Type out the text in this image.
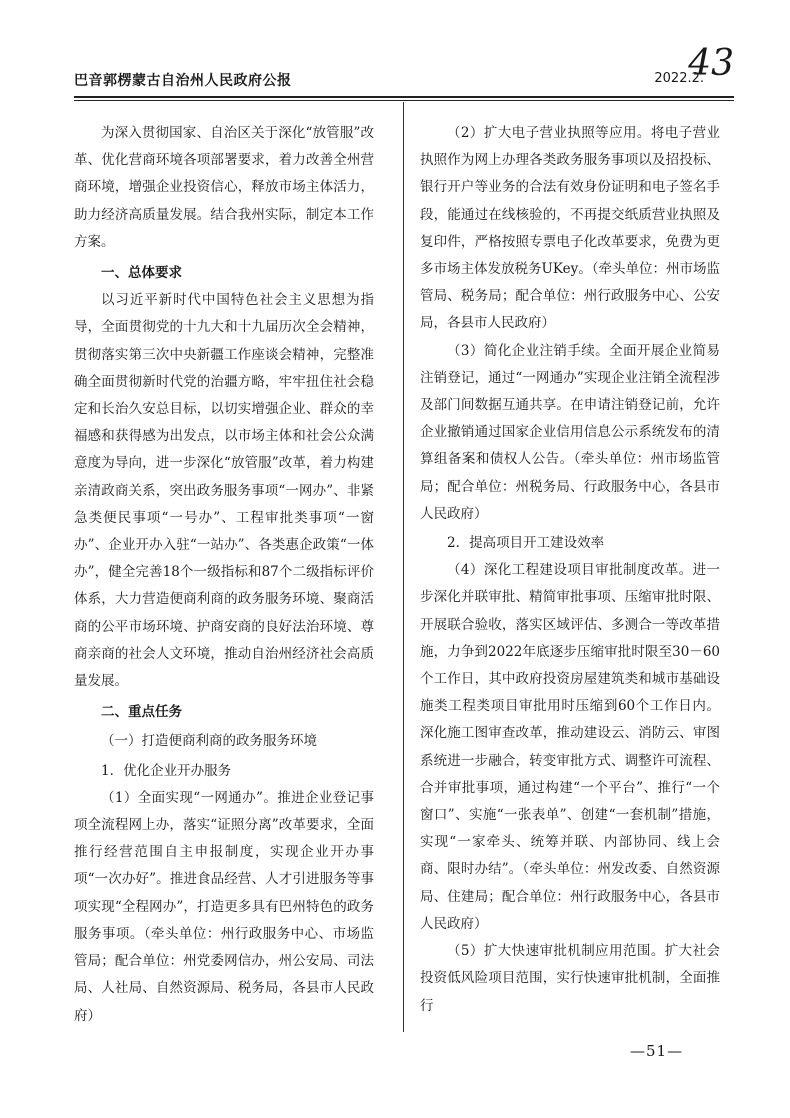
巴音郭楞蒙古自治州人民政府公报	2022.2.
43

为深入贯彻国家、自治区关于深化“放管服”改革、优化营商环境各项部署要求，着力改善全州营商环境，增强企业投资信心，释放市场主体活力，助力经济高质量发展。结合我州实际，制定本工作方案。

一、总体要求

以习近平新时代中国特色社会主义思想为指导，全面贯彻党的十九大和十九届历次全会精神，贯彻落实第三次中央新疆工作座谈会精神，完整准确全面贯彻新时代党的治疆方略，牢牢扭住社会稳定和长治久安总目标，以切实增强企业、群众的幸福感和获得感为出发点，以市场主体和社会公众满意度为导向，进一步深化“放管服”改革，着力构建亲清政商关系，突出政务服务事项“一网办”、非紧急类便民事项“一号办”、工程审批类事项“一窗办”、企业开办入驻“一站办”、各类惠企政策“一体办”，健全完善18个一级指标和87个二级指标评价体系，大力营造便商利商的政务服务环境、聚商活商的公平市场环境、护商安商的良好法治环境、尊商亲商的社会人文环境，推动自治州经济社会高质量发展。

二、重点任务

（一）打造便商利商的政务服务环境

1．优化企业开办服务

（1）全面实现“一网通办”。推进企业登记事项全流程网上办，落实“证照分离”改革要求，全面推行经营范围自主申报制度，实现企业开办事项“一次办好”。推进食品经营、人才引进服务等事项实现“全程网办”，打造更多具有巴州特色的政务服务事项。（牵头单位：州行政服务中心、市场监管局；配合单位：州党委网信办，州公安局、司法局、人社局、自然资源局、税务局，各县市人民政府）

（2）扩大电子营业执照等应用。将电子营业执照作为网上办理各类政务服务事项以及招投标、银行开户等业务的合法有效身份证明和电子签名手段，能通过在线核验的，不再提交纸质营业执照及复印件，严格按照专票电子化改革要求，免费为更多市场主体发放税务UKey。（牵头单位：州市场监管局、税务局；配合单位：州行政服务中心、公安局，各县市人民政府）

（3）简化企业注销手续。全面开展企业简易注销登记，通过“一网通办”实现企业注销全流程涉及部门间数据互通共享。在申请注销登记前，允许企业撤销通过国家企业信用信息公示系统发布的清算组备案和债权人公告。（牵头单位：州市场监管局；配合单位：州税务局、行政服务中心，各县市人民政府）

2．提高项目开工建设效率

（4）深化工程建设项目审批制度改革。进一步深化并联审批、精简审批事项、压缩审批时限、开展联合验收，落实区域评估、多测合一等改革措施，力争到2022年底逐步压缩审批时限至30－60个工作日，其中政府投资房屋建筑类和城市基础设施类工程类项目审批用时压缩到60个工作日内。深化施工图审查改革，推动建设云、消防云、审图系统进一步融合，转变审批方式、调整许可流程、合并审批事项，通过构建“一个平台”、推行“一个窗口”、实施“一张表单”、创建“一套机制”措施，实现“一家牵头、统筹并联、内部协同、线上会商、限时办结”。（牵头单位：州发改委、自然资源局、住建局；配合单位：州行政服务中心，各县市人民政府）

（5）扩大快速审批机制应用范围。扩大社会投资低风险项目范围，实行快速审批机制，全面推行

—51—
